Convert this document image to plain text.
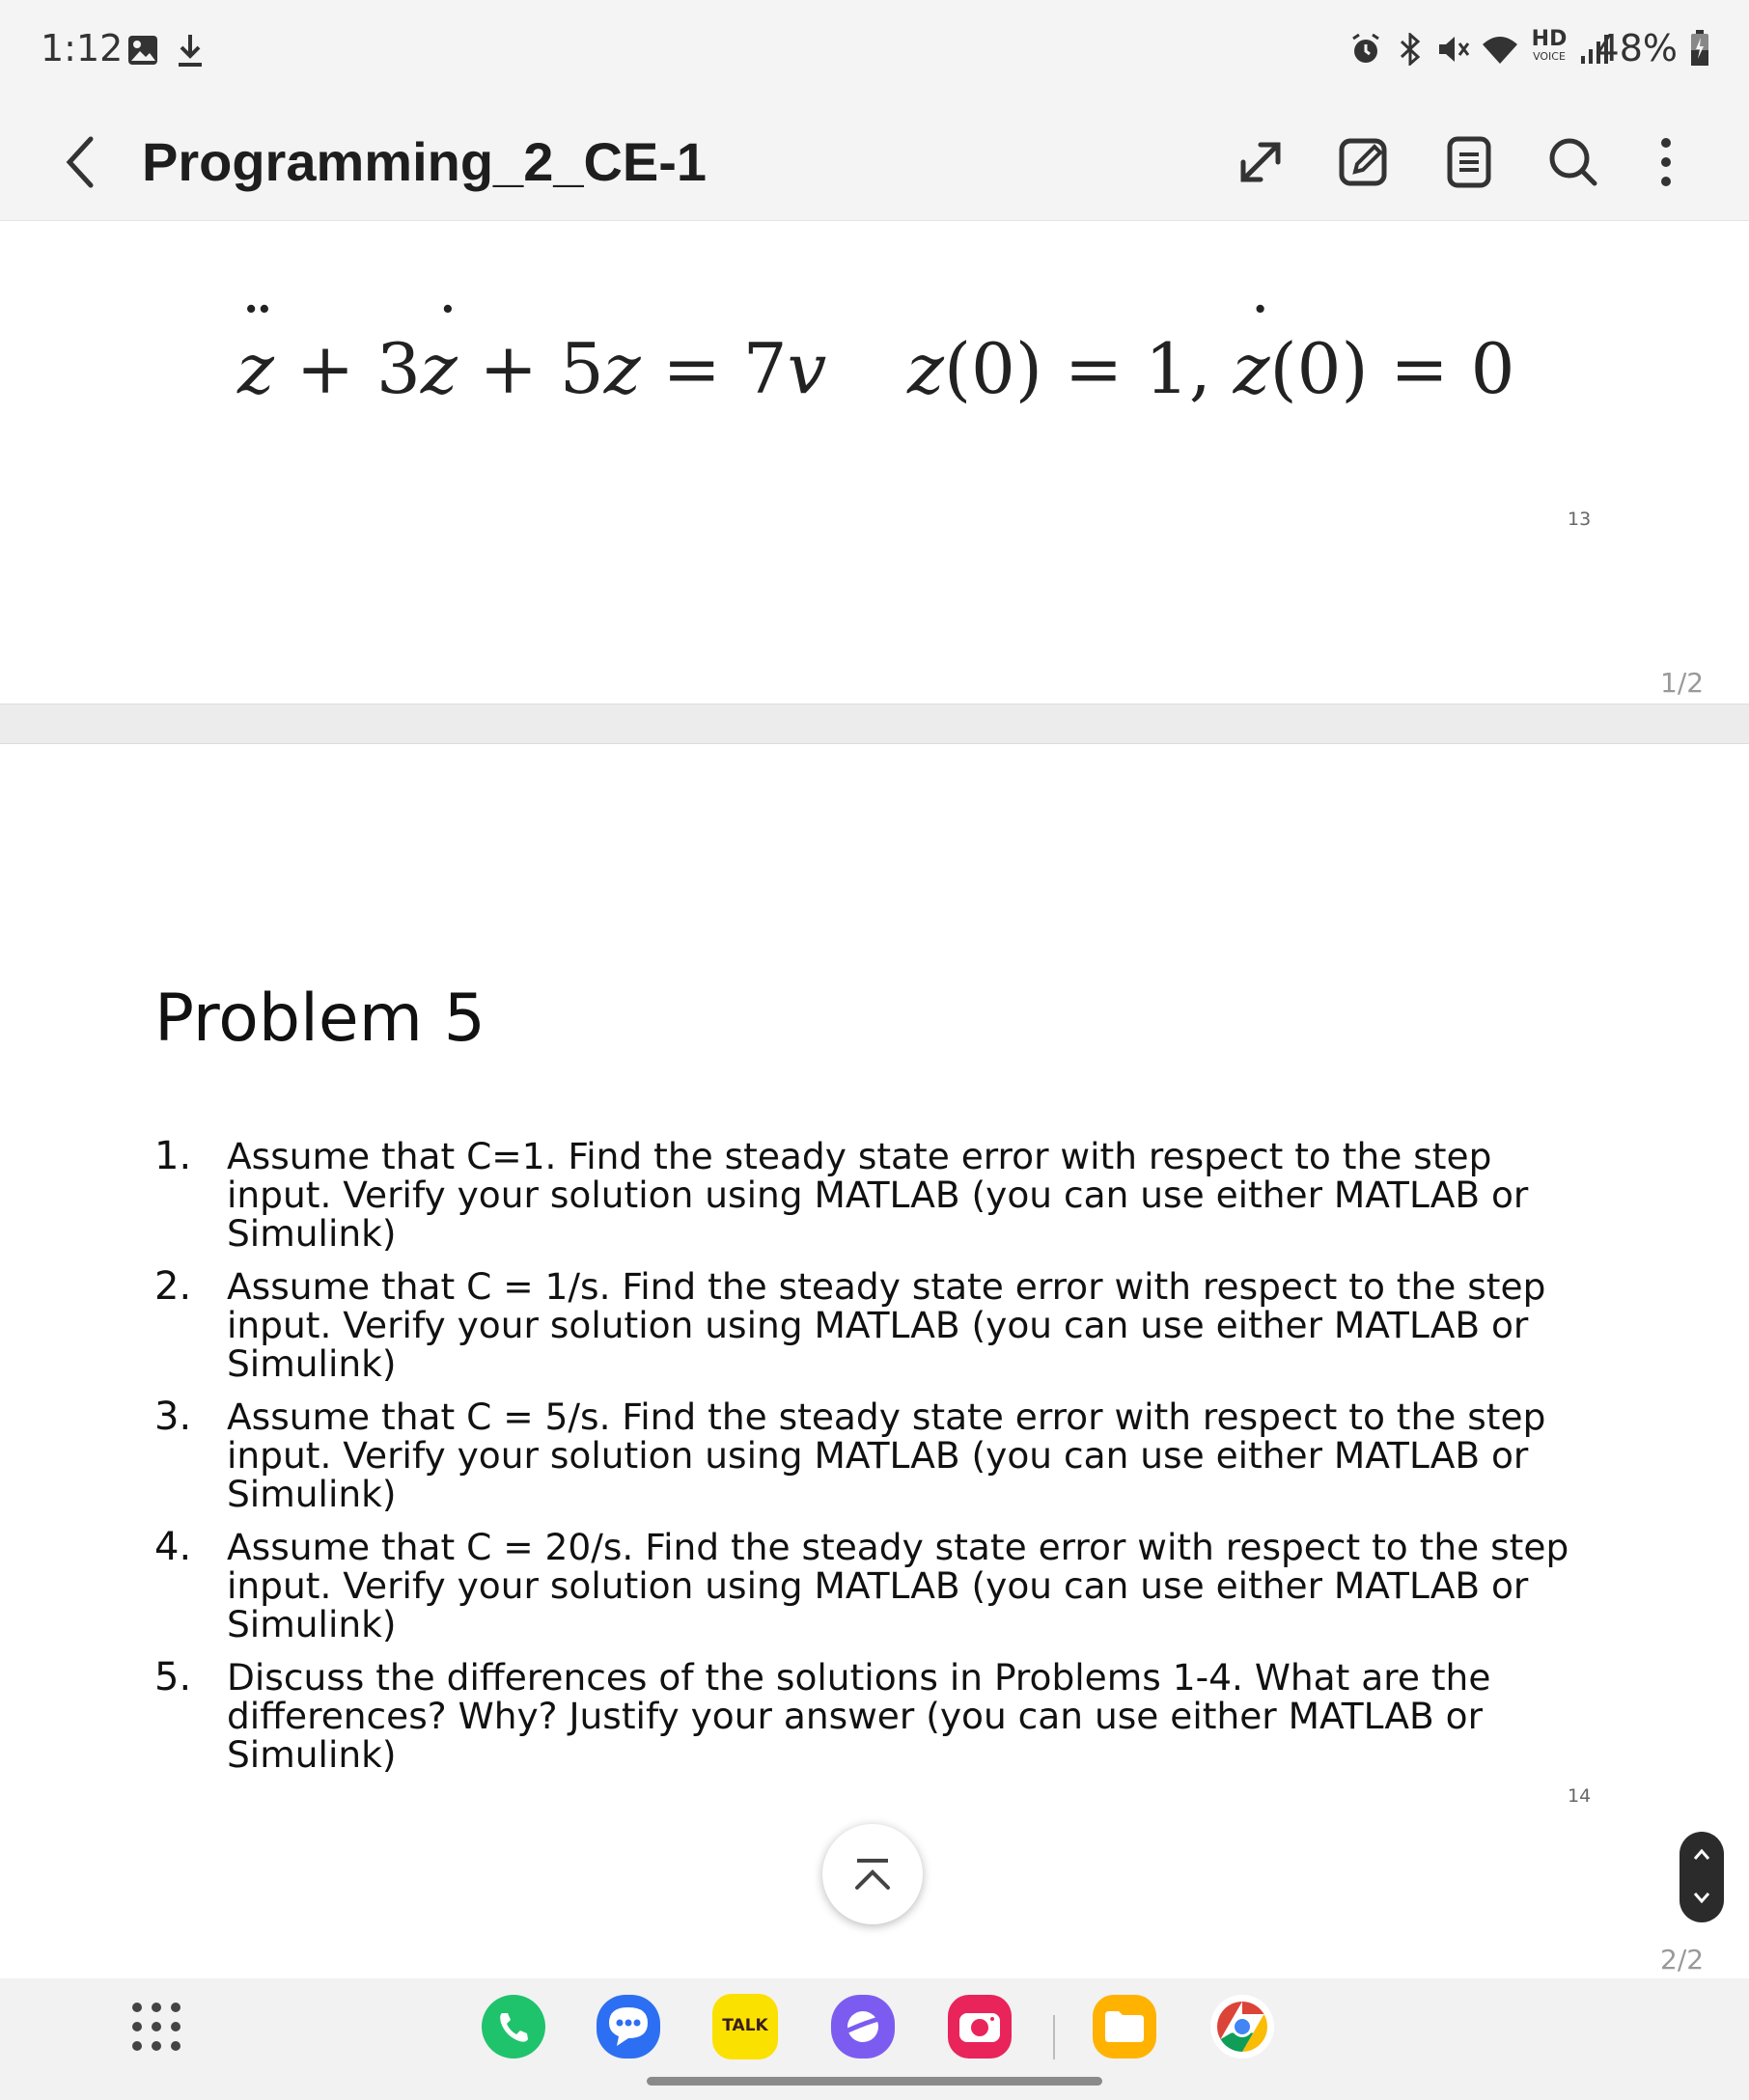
1:12	HD
VOICE 48%
Programming_2_CE-1
¨ z + 3˙ z + 5z = 7v z(0) = 1, ˙ z(0) = 0
13
1/2
Problem 5
1. Assume that C=1. Find the steady state error with respect to the step input. Verify your solution using MATLAB (you can use either MATLAB or Simulink)
2. Assume that C = 1/s. Find the steady state error with respect to the step input. Verify your solution using MATLAB (you can use either MATLAB or Simulink)
3. Assume that C = 5/s. Find the steady state error with respect to the step input. Verify your solution using MATLAB (you can use either MATLAB or Simulink)
4. Assume that C = 20/s. Find the steady state error with respect to the step input. Verify your solution using MATLAB (you can use either MATLAB or Simulink)
5. Discuss the differences of the solutions in Problems 1-4. What are the differences? Why? Justify your answer (you can use either MATLAB or Simulink)
14
2/2
TALK
